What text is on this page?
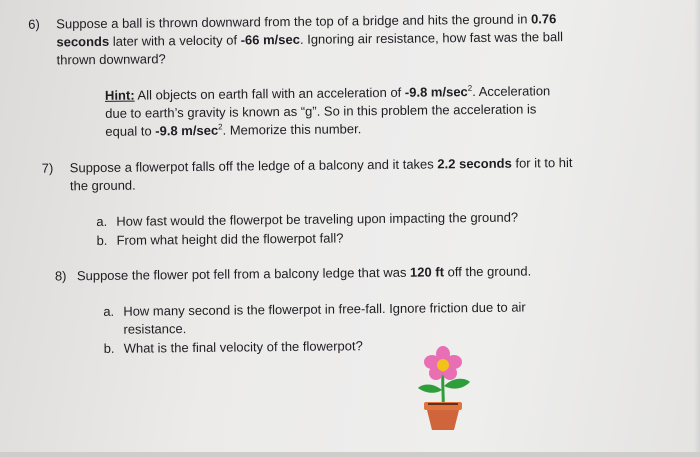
6) Suppose a ball is thrown downward from the top of a bridge and hits the ground in 0.76
seconds later with a velocity of -66 m/sec. Ignoring air resistance, how fast was the ball
thrown downward?
Hint: All objects on earth fall with an acceleration of -9.8 $m/\sec^2$. Acceleration
due to earth’s gravity is known as “g”. So in this problem the acceleration is
equal to -9.8 $m/\sec^2$. Memorize this number.
7) Suppose a flowerpot falls off the ledge of a balcony and it takes 2.2 seconds for it to hit
the ground.
a. How fast would the flowerpot be traveling upon impacting the ground?
b. From what height did the flowerpot fall?
8) Suppose the flower pot fell from a balcony ledge that was 120 ft off the ground.
a. How many second is the flowerpot in free-fall. Ignore friction due to air
resistance.
b. What is the final velocity of the flowerpot?
